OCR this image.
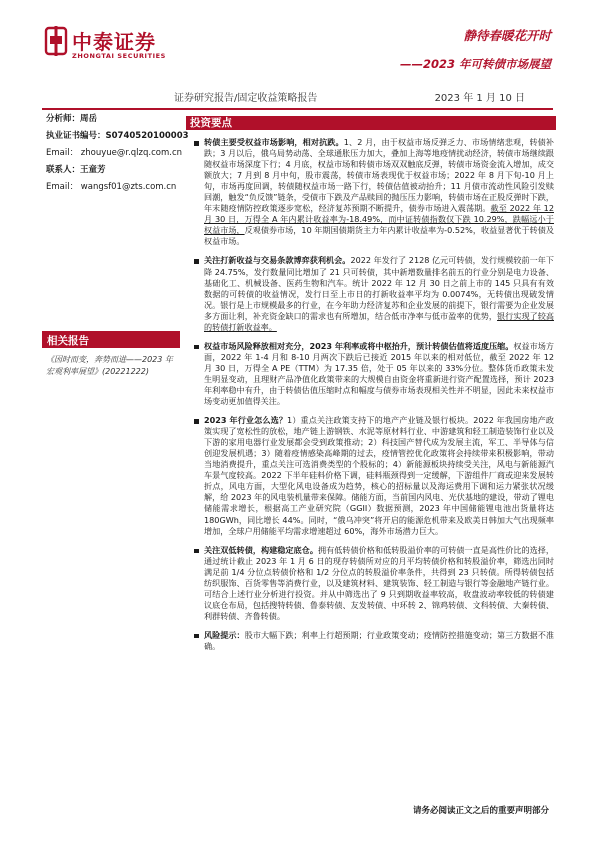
中泰证券
ZHONGTAI SECURITIES
静待春暖花开时
——2023 年可转债市场展望
证券研究报告/固定收益策略报告	2023 年 1 月 10 日
分析师：周岳
执业证书编号：S0740520100003
Email： zhouyue@r.qlzq.com.cn
联系人：王童芳
Email： wangsf01@zts.com.cn
相关报告
《因时而变，奔势而进——2023 年宏观利率展望》(20221222)
投资要点
转债主要受权益市场影响，相对抗跌。1、2 月，由于权益市场反弹乏力、市场情绪悲观，转债补跌；3 月以后，俄乌局势动荡、全球通胀压力加大，叠加上海等地疫情扰动经济，转债市场继续跟随权益市场深度下行；4 月底，权益市场和转债市场双双触底反弹，转债市场资金流入增加，成交额放大；7 月到 8 月中旬，股市震荡，转债市场表现优于权益市场；2022 年 8 月下旬-10 月上旬，市场再度回调，转债随权益市场一路下行，转债估值被动抬升；11 月债市流动性风险引发赎回潮，触发“负反馈”链条，受债市下跌及产品赎回的抛压压力影响，转债市场在正股反弹时下跌，年末随疫情防控政策逐步宽松，经济复苏预期不断提升，债券市场进入震荡期。截至 2022 年 12 月 30 日，万得全 A 年内累计收益率为-18.49%，而中证转债指数仅下跌 10.29%，跌幅远小于权益市场，反观债券市场，10 年期国债期货主力年内累计收益率为-0.52%，收益显著优于转债及权益市场。
关注打新收益与交易条款博弈获利机会。2022 年发行了 2128 亿元可转债，发行规模较前一年下降 24.75%，发行数量同比增加了 21 只可转债，其中新增数量排名前五的行业分别是电力设备、基础化工、机械设备、医药生物和汽车。统计 2022 年 12 月 30 日之前上市的 145 只具有有效数据的可转债的收益情况，发行日至上市日的打新收益率平均为 0.0074%，无转债出现破发情况。银行是上市规模最多的行业，在今年助力经济复苏和企业发展的前提下，银行需要为企业发展多方面让利，补充资金缺口的需求也有所增加，结合低市净率与低市盈率的优势，银行实现了较高的转债打新收益率。
权益市场风险释放相对充分，2023 年利率或将中枢抬升，预计转债估值将适度压缩。权益市场方面，2022 年 1-4 月和 8-10 月两次下跌后已接近 2015 年以来的相对低位，截至 2022 年 12 月 30 日，万得全 A PE（TTM）为 17.35 倍，处于 05 年以来的 33%分位。整体货币政策未发生明显变动，且理财产品净值化政策带来的大规模自由资金将重新进行资产配置选择，预计 2023 年利率稳中有升，由于转债估值压缩时点和幅度与债券市场表现相关性并不明显，因此未来权益市场变动更加值得关注。
2023 年行业怎么选？1）重点关注政策支持下的地产产业链及银行板块。2022 年我国房地产政策实现了宽松性的放松，地产链上游钢铁、水泥等原材料行业、中游建筑和轻工制造装饰行业以及下游的家用电器行业发展都会受到政策推动；2）科技国产替代成为发展主流，军工、半导体与信创迎发展机遇；3）随着疫情感染高峰期的过去，疫情管控优化政策将会持续带来积极影响，带动当地消费提升，重点关注可选消费类型的个股标的；4）新能源板块持续受关注，风电与新能源汽车景气度较高。2022 下半年硅料价格下调，硅料瓶颈得到一定缓解，下游组件厂商或迎来发展转折点，风电方面，大型化风电设备成为趋势，核心的招标量以及海运费用下调和运力紧张状况缓解，给 2023 年的风电装机量带来保障。储能方面，当前国内风电、光伏基地的建设，带动了锂电储能需求增长，根据高工产业研究院（GGII）数据预测，2023 年中国储能锂电池出货量将达 180GWh，同比增长 44%。同时，“俄乌冲突”将开启的能源危机带来及欧美日韩加大气出现频率增加，全球户用储能平均需求增速超过 60%，海外市场潜力巨大。
关注双低转债，构建稳定底仓。拥有低转债价格和低转股溢价率的可转债一直是高性价比的选择，通过统计截止 2023 年 1 月 6 日的现存转债所对应的月平均转债价格和转股溢价率，筛选出同时满足前 1/4 分位点转债价格和 1/2 分位点的转股溢价率条件，共得到 23 只转债。所得转债包括纺织服饰、百货零售等消费行业，以及建筑材料、建筑装饰、轻工制造与银行等金融地产链行业。可结合上述行业分析进行投资。并从中筛选出了 9 只到期收益率较高，收盘波动率较低的转债建议底仓布局，包括搜特转债、鲁泰转债、友发转债、中环转 2、锦鸡转债、文科转债、大秦转债、利群转债、齐鲁转债。
风险提示：股市大幅下跌；利率上行超预期；行业政策变动；疫情防控措施变动；第三方数据不准确。
请务必阅读正文之后的重要声明部分
